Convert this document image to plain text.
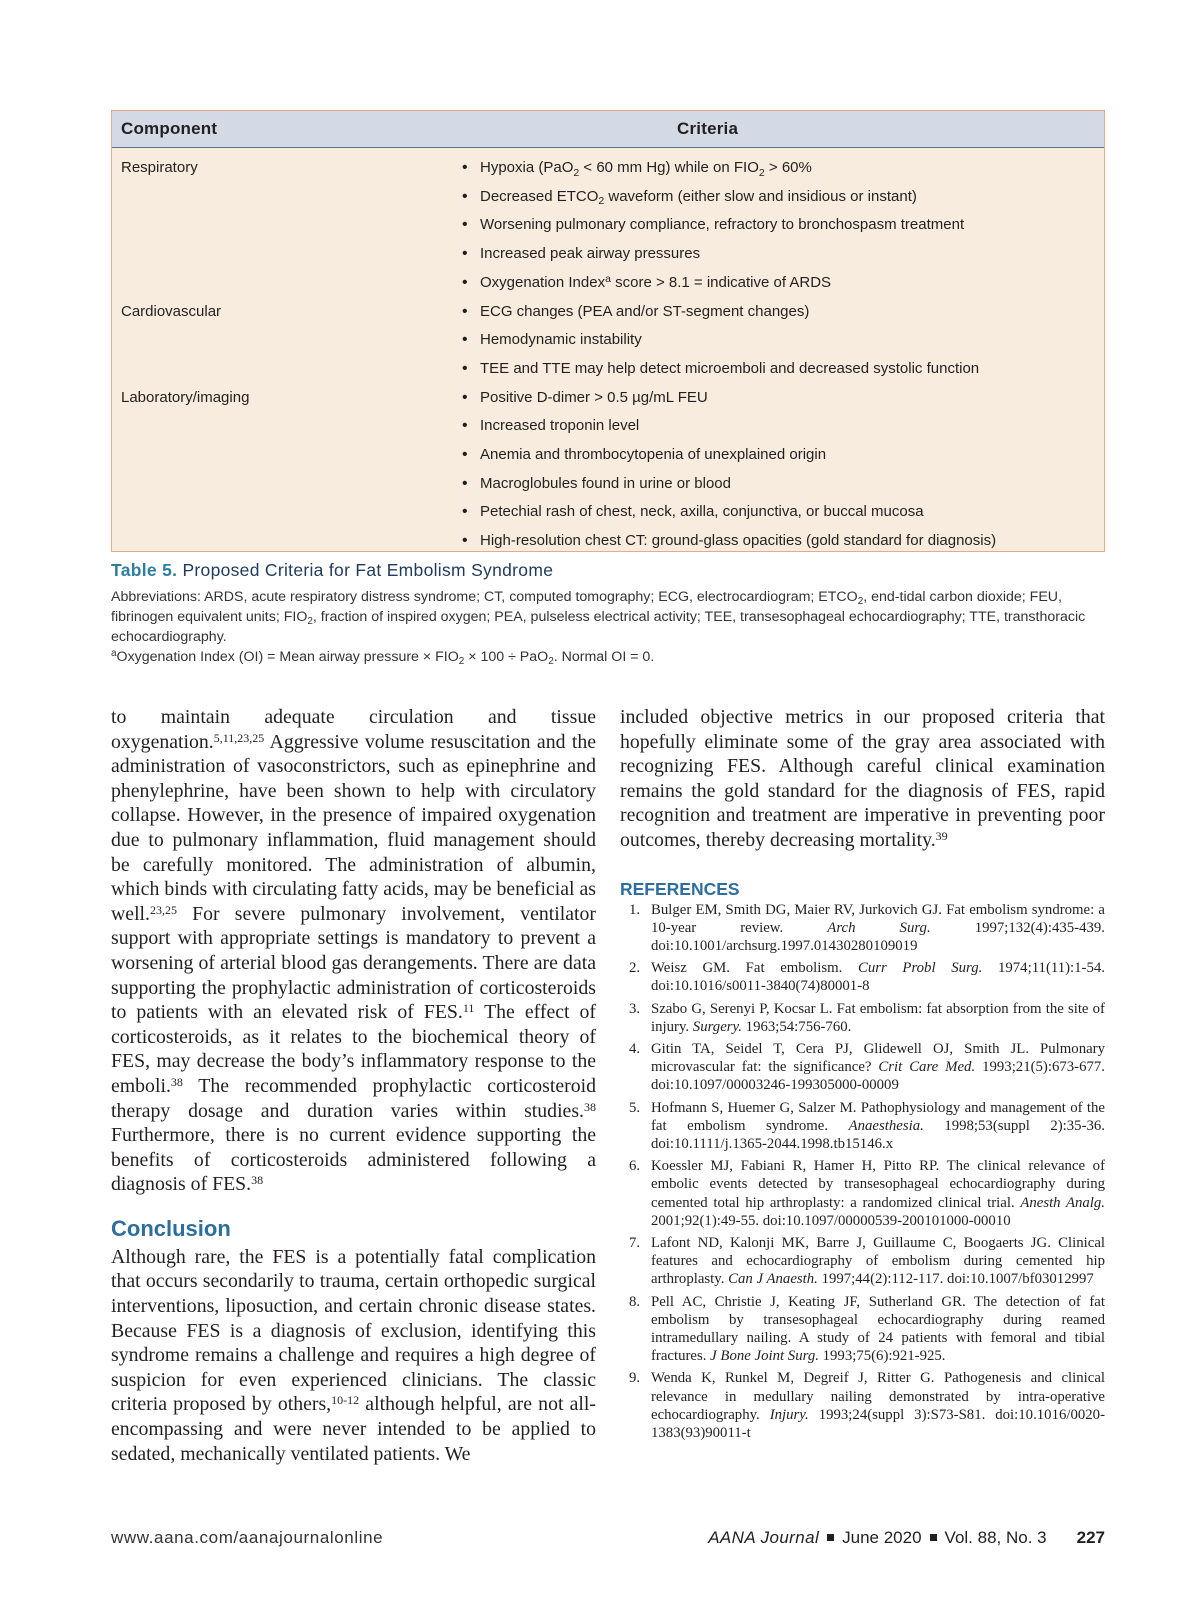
Component	Criteria
Respiratory	• Hypoxia (PaO$_2$ < 60 mm Hg) while on $FIO_2 > 60\%$
• Decreased $ETCO_2$ waveform (either slow and insidious or instant)
• Worsening pulmonary compliance, refractory to bronchospasm treatment
• Increased peak airway pressures
• Oxygenation Index$^a$ score > 8.1 = indicative of ARDS
Cardiovascular	• ECG changes (PEA and/or ST-segment changes)
• Hemodynamic instability
• TEE and TTE may help detect microemboli and decreased systolic function
Laboratory/imaging	• Positive D-dimer > 0.5 µg/mL FEU
• Increased troponin level
• Anemia and thrombocytopenia of unexplained origin
• Macroglobules found in urine or blood
• Petechial rash of chest, neck, axilla, conjunctiva, or buccal mucosa
• High-resolution chest CT: ground-glass opacities (gold standard for diagnosis)

Table 5. Proposed Criteria for Fat Embolism Syndrome

Abbreviations: ARDS, acute respiratory distress syndrome; CT, computed tomography; ECG, electrocardiogram; $ETCO_2$, end-tidal carbon dioxide; FEU, fibrinogen equivalent units; $FIO_2$, fraction of inspired oxygen; PEA, pulseless electrical activity; TEE, transesophageal echocardiography; TTE, transthoracic echocardiography.

$^a$Oxygenation Index (OI) = Mean airway pressure × $FIO_2 \times 100 \div PaO_2$. Normal OI = 0.

to maintain adequate circulation and tissue oxygenation.$^{5,11,23,25}$ Aggressive volume resuscitation and the administration of vasoconstrictors, such as epinephrine and phenylephrine, have been shown to help with circulatory collapse. However, in the presence of impaired oxygenation due to pulmonary inflammation, fluid management should be carefully monitored. The administration of albumin, which binds with circulating fatty acids, may be beneficial as well.$^{23,25}$ For severe pulmonary involvement, ventilator support with appropriate settings is mandatory to prevent a worsening of arterial blood gas derangements. There are data supporting the prophylactic administration of corticosteroids to patients with an elevated risk of FES.$^{11}$ The effect of corticosteroids, as it relates to the biochemical theory of FES, may decrease the body’s inflammatory response to the emboli.$^{38}$ The recommended prophylactic corticosteroid therapy dosage and duration varies within studies.$^{38}$ Furthermore, there is no current evidence supporting the benefits of corticosteroids administered following a diagnosis of FES.$^{38}$

Conclusion

Although rare, the FES is a potentially fatal complication that occurs secondarily to trauma, certain orthopedic surgical interventions, liposuction, and certain chronic disease states. Because FES is a diagnosis of exclusion, identifying this syndrome remains a challenge and requires a high degree of suspicion for even experienced clinicians. The classic criteria proposed by others,$^{10-12}$ although helpful, are not all-encompassing and were never intended to be applied to sedated, mechanically ventilated patients. We

included objective metrics in our proposed criteria that hopefully eliminate some of the gray area associated with recognizing FES. Although careful clinical examination remains the gold standard for the diagnosis of FES, rapid recognition and treatment are imperative in preventing poor outcomes, thereby decreasing mortality.$^{39}$

REFERENCES
1. Bulger EM, Smith DG, Maier RV, Jurkovich GJ. Fat embolism syndrome: a 10-year review. Arch Surg. 1997;132(4):435-439. doi:10.1001/archsurg.1997.01430280109019
2. Weisz GM. Fat embolism. Curr Probl Surg. 1974;11(11):1-54. doi:10.1016/s0011-3840(74)80001-8
3. Szabo G, Serenyi P, Kocsar L. Fat embolism: fat absorption from the site of injury. Surgery. 1963;54:756-760.
4. Gitin TA, Seidel T, Cera PJ, Glidewell OJ, Smith JL. Pulmonary microvascular fat: the significance? Crit Care Med. 1993;21(5):673-677. doi:10.1097/00003246-199305000-00009
5. Hofmann S, Huemer G, Salzer M. Pathophysiology and management of the fat embolism syndrome. Anaesthesia. 1998;53(suppl 2):35-36. doi:10.1111/j.1365-2044.1998.tb15146.x
6. Koessler MJ, Fabiani R, Hamer H, Pitto RP. The clinical relevance of embolic events detected by transesophageal echocardiography during cemented total hip arthroplasty: a randomized clinical trial. Anesth Analg. 2001;92(1):49-55. doi:10.1097/00000539-200101000-00010
7. Lafont ND, Kalonji MK, Barre J, Guillaume C, Boogaerts JG. Clinical features and echocardiography of embolism during cemented hip arthroplasty. Can J Anaesth. 1997;44(2):112-117. doi:10.1007/bf03012997
8. Pell AC, Christie J, Keating JF, Sutherland GR. The detection of fat embolism by transesophageal echocardiography during reamed intramedullary nailing. A study of 24 patients with femoral and tibial fractures. J Bone Joint Surg. 1993;75(6):921-925.
9. Wenda K, Runkel M, Degreif J, Ritter G. Pathogenesis and clinical relevance in medullary nailing demonstrated by intra-operative echocardiography. Injury. 1993;24(suppl 3):S73-S81. doi:10.1016/0020-1383(93)90011-t
www.aana.com/aanajournalonline	AANA Journal June 2020 Vol. 88, No. 3 227
